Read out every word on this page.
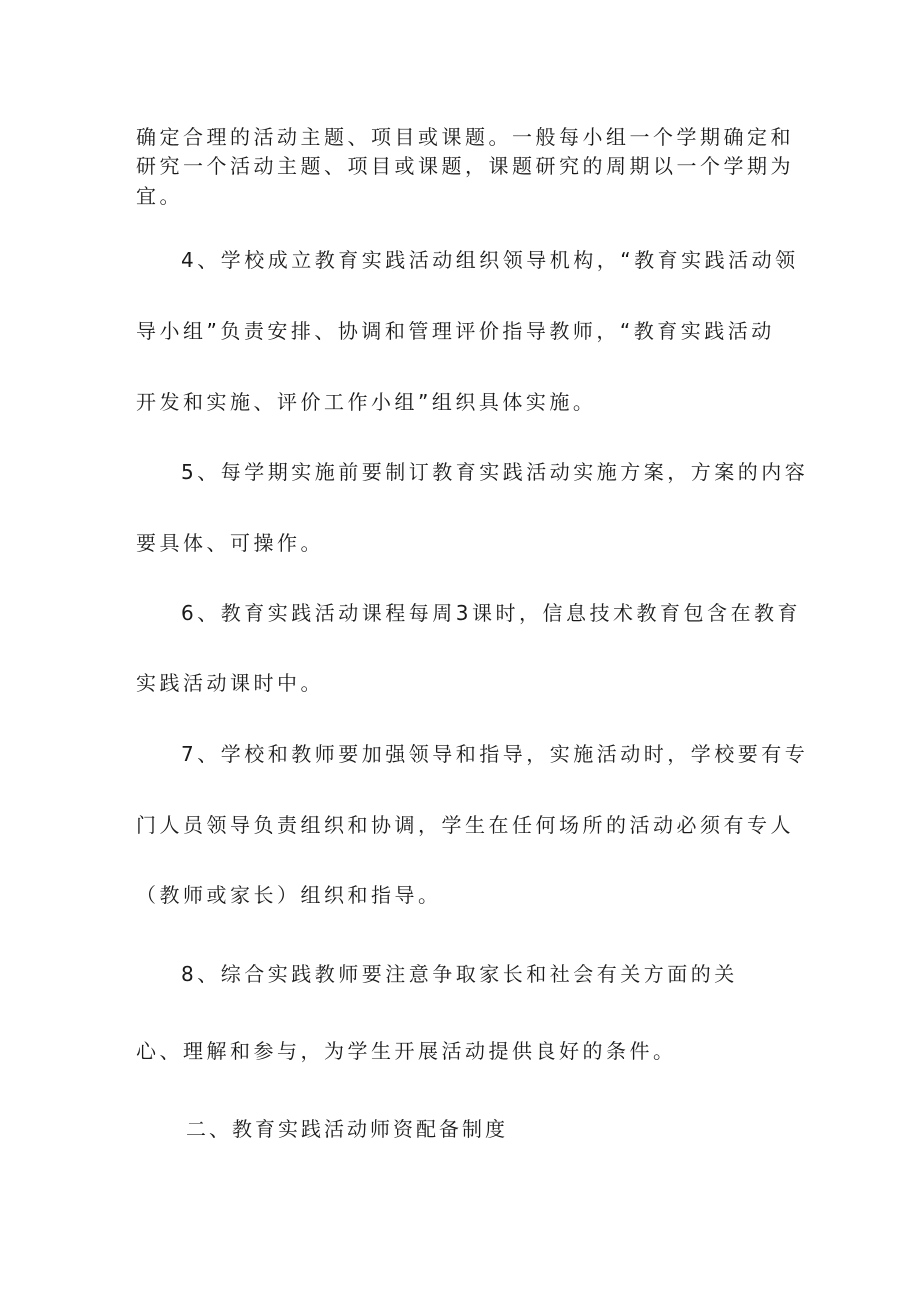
确定合理的活动主题、项目或课题。一般每小组一个学期确定和
研究一个活动主题、项目或课题，课题研究的周期以一个学期为
宜。
4、学校成立教育实践活动组织领导机构，“教育实践活动领
导小组”负责安排、协调和管理评价指导教师，“教育实践活动
开发和实施、评价工作小组”组织具体实施。
5、每学期实施前要制订教育实践活动实施方案，方案的内容
要具体、可操作。
6、教育实践活动课程每周3课时，信息技术教育包含在教育
实践活动课时中。
7、学校和教师要加强领导和指导，实施活动时，学校要有专
门人员领导负责组织和协调，学生在任何场所的活动必须有专人
（教师或家长）组织和指导。
8、综合实践教师要注意争取家长和社会有关方面的关
心、理解和参与，为学生开展活动提供良好的条件。
二、教育实践活动师资配备制度
